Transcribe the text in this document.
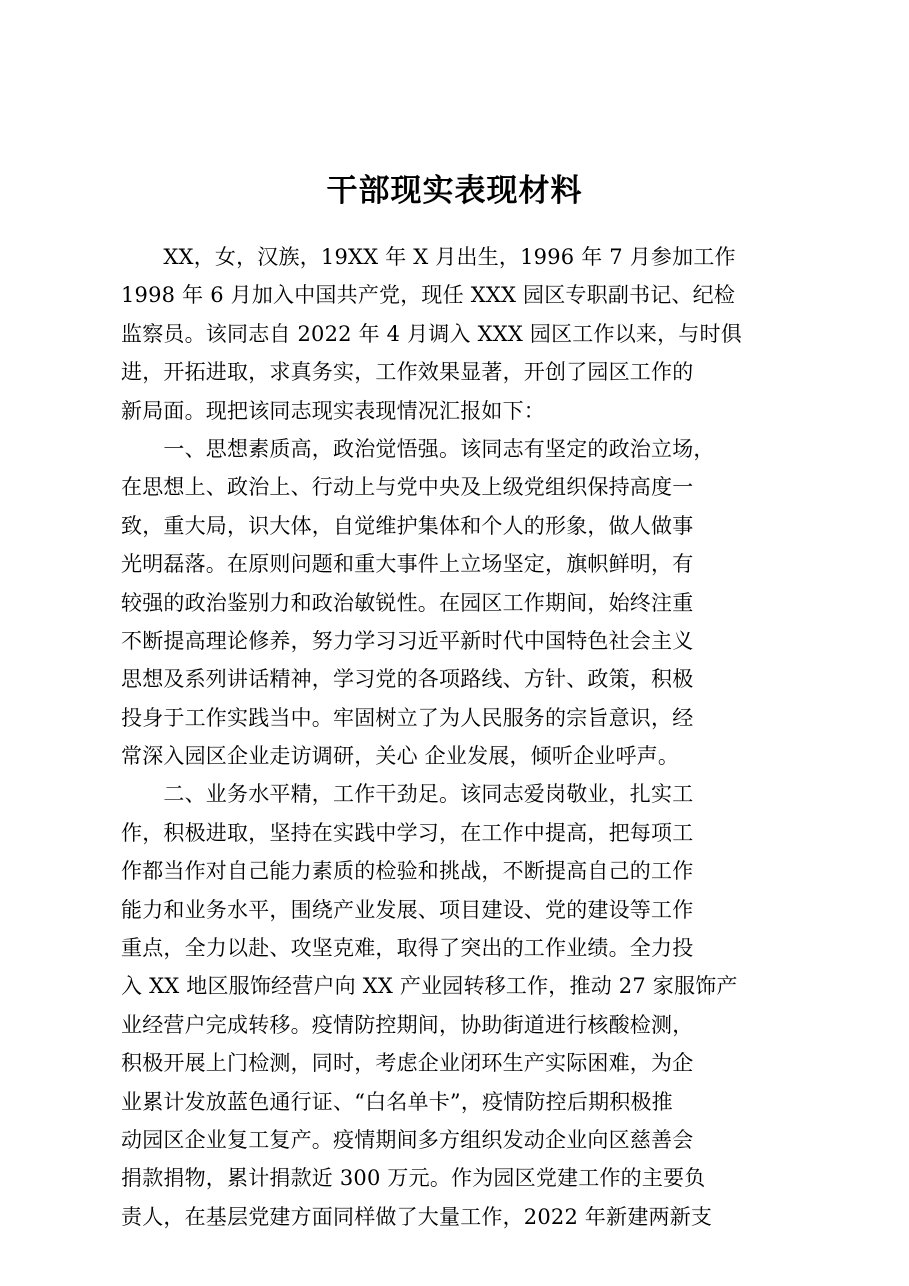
干部现实表现材料
　　XX，女，汉族，19XX 年 X 月出生，1996 年 7 月参加工作
1998 年 6 月加入中国共产党，现任 XXX 园区专职副书记、纪检
监察员。该同志自 2022 年 4 月调入 XXX 园区工作以来，与时俱
进，开拓进取，求真务实，工作效果显著，开创了园区工作的
新局面。现把该同志现实表现情况汇报如下：
　　一、思想素质高，政治觉悟强。该同志有坚定的政治立场，
在思想上、政治上、行动上与党中央及上级党组织保持高度一
致，重大局，识大体，自觉维护集体和个人的形象，做人做事
光明磊落。在原则问题和重大事件上立场坚定，旗帜鲜明，有
较强的政治鉴别力和政治敏锐性。在园区工作期间，始终注重
不断提高理论修养，努力学习习近平新时代中国特色社会主义
思想及系列讲话精神，学习党的各项路线、方针、政策，积极
投身于工作实践当中。牢固树立了为人民服务的宗旨意识，经
常深入园区企业走访调研，关心 企业发展，倾听企业呼声。
　　二、业务水平精，工作干劲足。该同志爱岗敬业，扎实工
作，积极进取，坚持在实践中学习，在工作中提高，把每项工
作都当作对自己能力素质的检验和挑战，不断提高自己的工作
能力和业务水平，围绕产业发展、项目建设、党的建设等工作
重点，全力以赴、攻坚克难，取得了突出的工作业绩。全力投
入 XX 地区服饰经营户向 XX 产业园转移工作，推动 27 家服饰产
业经营户完成转移。疫情防控期间，协助街道进行核酸检测，
积极开展上门检测，同时，考虑企业闭环生产实际困难，为企
业累计发放蓝色通行证、“白名单卡”，疫情防控后期积极推
动园区企业复工复产。疫情期间多方组织发动企业向区慈善会
捐款捐物，累计捐款近 300 万元。作为园区党建工作的主要负
责人，在基层党建方面同样做了大量工作，2022 年新建两新支
